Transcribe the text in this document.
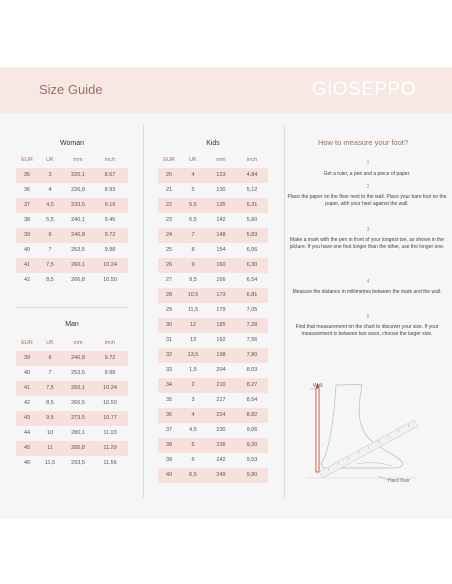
Size Guide	GIOSEPPO
Woman
EUR	UK	mm	inch
35	3	220,1	8.67
36	4	226,8	8.93
37	4,5	233,5	9.19
38	5,5	240,1	9.45
39	6	246,8	9.72
40	7	253,5	9.98
41	7,5	260,1	10.24
42	8,5	266,8	10.50
Man
EUR	UK	mm	inch
39	6	246,8	9.72
40	7	253,5	9.98
41	7,5	260,1	10.24
42	8,5	266,5	10.50
43	9,5	273,5	10.77
44	10	280,1	11.03
45	11	286,8	11.29
46	11,5	293,5	11.56
Kids
EUR	UK	mm	inch
20	4	123	4,84
21	5	130	5,12
22	5,5	135	5,31
23	6,5	142	5,60
24	7	148	5,83
25	8	154	6,06
26	9	160	6,30
27	9,5	166	6,54
28	10,5	173	6,81
29	11,5	179	7,05
30	12	185	7,28
31	13	192	7,56
32	13,5	198	7,80
33	1,5	204	8,03
34	2	210	8,27
35	3	217	8,54
36	4	224	8,82
37	4,5	230	9,06
38	5	236	9,30
39	6	242	9,53
40	6,5	249	9,80
How to measure your foot?
1
Get a ruler, a pen and a piece of paper.
2
Place the paper on the floor next to the wall. Place your bare foot on the paper, with your heel against the wall.
3
Make a mark with the pen in front of your longest toe, as shown in the picture. If you have one foot longer than the other, use the longer one.
4
Measure the distance in millimetres between the mark and the wall.
5
Find that measurement on the chart to discover your size. If your measurement is between two sizes, choose the larger size.
Wall
Hard floor
